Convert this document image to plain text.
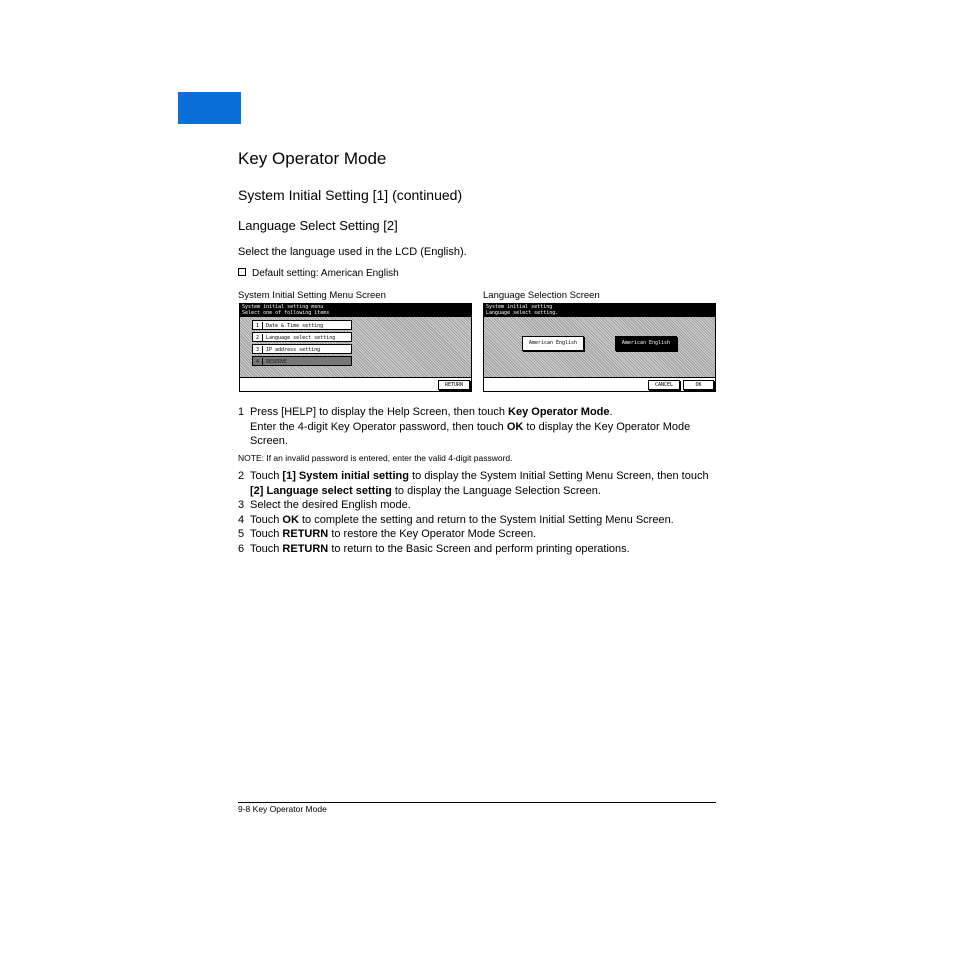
Key Operator Mode
System Initial Setting [1] (continued)
Language Select Setting [2]
Select the language used in the LCD (English).
Default setting: American English
System Initial Setting Menu Screen	Language Selection Screen
System initial setting menu
Select one of following items
1 Date & Time setting
2 Language select setting
3 IP address setting
4 RESERVE
RETURN
System initial setting
Language select setting.
American English	American English
CANCEL	OK
1 Press [HELP] to display the Help Screen, then touch Key Operator Mode.
Enter the 4-digit Key Operator password, then touch OK to display the Key Operator Mode Screen.
NOTE: If an invalid password is entered, enter the valid 4-digit password.
2 Touch [1] System initial setting to display the System Initial Setting Menu Screen, then touch [2] Language select setting to display the Language Selection Screen.
3 Select the desired English mode.
4 Touch OK to complete the setting and return to the System Initial Setting Menu Screen.
5 Touch RETURN to restore the Key Operator Mode Screen.
6 Touch RETURN to return to the Basic Screen and perform printing operations.
9-8 Key Operator Mode
